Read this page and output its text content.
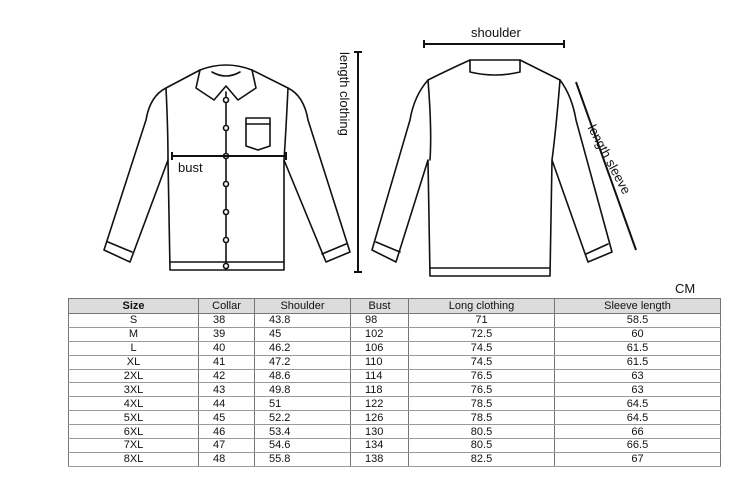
length clothing
shoulder
bust	length sleeve
CM
Size	Collar	Shoulder	Bust	Long clothing	Sleeve length
S	38	43.8	98	71	58.5
M	39	45	102	72.5	60
L	40	46.2	106	74.5	61.5
XL	41	47.2	110	74.5	61.5
2XL	42	48.6	114	76.5	63
3XL	43	49.8	118	76.5	63
4XL	44	51	122	78.5	64.5
5XL	45	52.2	126	78.5	64.5
6XL	46	53.4	130	80.5	66
7XL	47	54.6	134	80.5	66.5
8XL	48	55.8	138	82.5	67
